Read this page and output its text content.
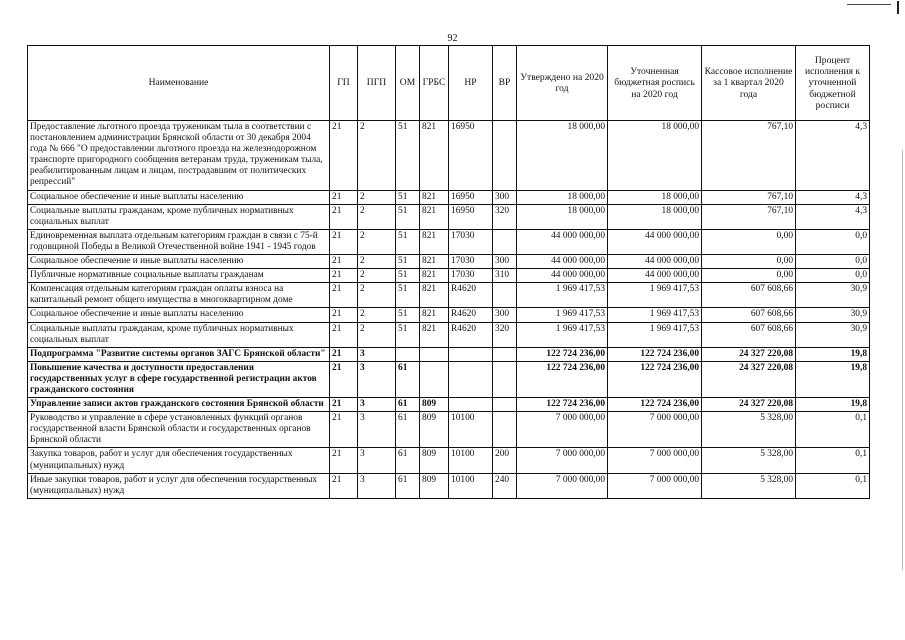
92
Наименование	ГП	ПГП	ОМ	ГРБС	НР	ВР	Утверждено на 2020 год	Уточненная бюджетная роспись на 2020 год	Кассовое исполнение за 1 квартал 2020 года	Процент исполнения к уточненной бюджетной росписи
Предоставление льготного проезда труженикам тыла в соответствии с постановлением администрации Брянской области от 30 декабря 2004 года № 666 "О предоставлении льготного проезда на железнодорожном транспорте пригородного сообщения ветеранам труда, труженикам тыла, реабилитированным лицам и лицам, пострадавшим от политических репрессий"	21	2	51	821	16950		18 000,00	18 000,00	767,10	4,3
Социальное обеспечение и иные выплаты населению	21	2	51	821	16950	300	18 000,00	18 000,00	767,10	4,3
Социальные выплаты гражданам, кроме публичных нормативных социальных выплат	21	2	51	821	16950	320	18 000,00	18 000,00	767,10	4,3
Единовременная выплата отдельным категориям граждан в связи с 75-й годовщиной Победы в Великой Отечественной войне 1941 - 1945 годов	21	2	51	821	17030		44 000 000,00	44 000 000,00	0,00	0,0
Социальное обеспечение и иные выплаты населению	21	2	51	821	17030	300	44 000 000,00	44 000 000,00	0,00	0,0
Публичные нормативные социальные выплаты гражданам	21	2	51	821	17030	310	44 000 000,00	44 000 000,00	0,00	0,0
Компенсация отдельным категориям граждан оплаты взноса на капитальный ремонт общего имущества в многоквартирном доме	21	2	51	821	R4620		1 969 417,53	1 969 417,53	607 608,66	30,9
Социальное обеспечение и иные выплаты населению	21	2	51	821	R4620	300	1 969 417,53	1 969 417,53	607 608,66	30,9
Социальные выплаты гражданам, кроме публичных нормативных социальных выплат	21	2	51	821	R4620	320	1 969 417,53	1 969 417,53	607 608,66	30,9
Подпрограмма "Развитие системы органов ЗАГС Брянской области"	21	3					122 724 236,00	122 724 236,00	24 327 220,08	19,8
Повышение качества и доступности предоставления государственных услуг в сфере государственной регистрации актов гражданского состояния	21	3	61				122 724 236,00	122 724 236,00	24 327 220,08	19,8
Управление записи актов гражданского состояния Брянской области	21	3	61	809			122 724 236,00	122 724 236,00	24 327 220,08	19,8
Руководство и управление в сфере установленных функций органов государственной власти Брянской области и государственных органов Брянской области	21	3	61	809	10100		7 000 000,00	7 000 000,00	5 328,00	0,1
Закупка товаров, работ и услуг для обеспечения государственных (муниципальных) нужд	21	3	61	809	10100	200	7 000 000,00	7 000 000,00	5 328,00	0,1
Иные закупки товаров, работ и услуг для обеспечения государственных (муниципальных) нужд	21	3	61	809	10100	240	7 000 000,00	7 000 000,00	5 328,00	0,1
